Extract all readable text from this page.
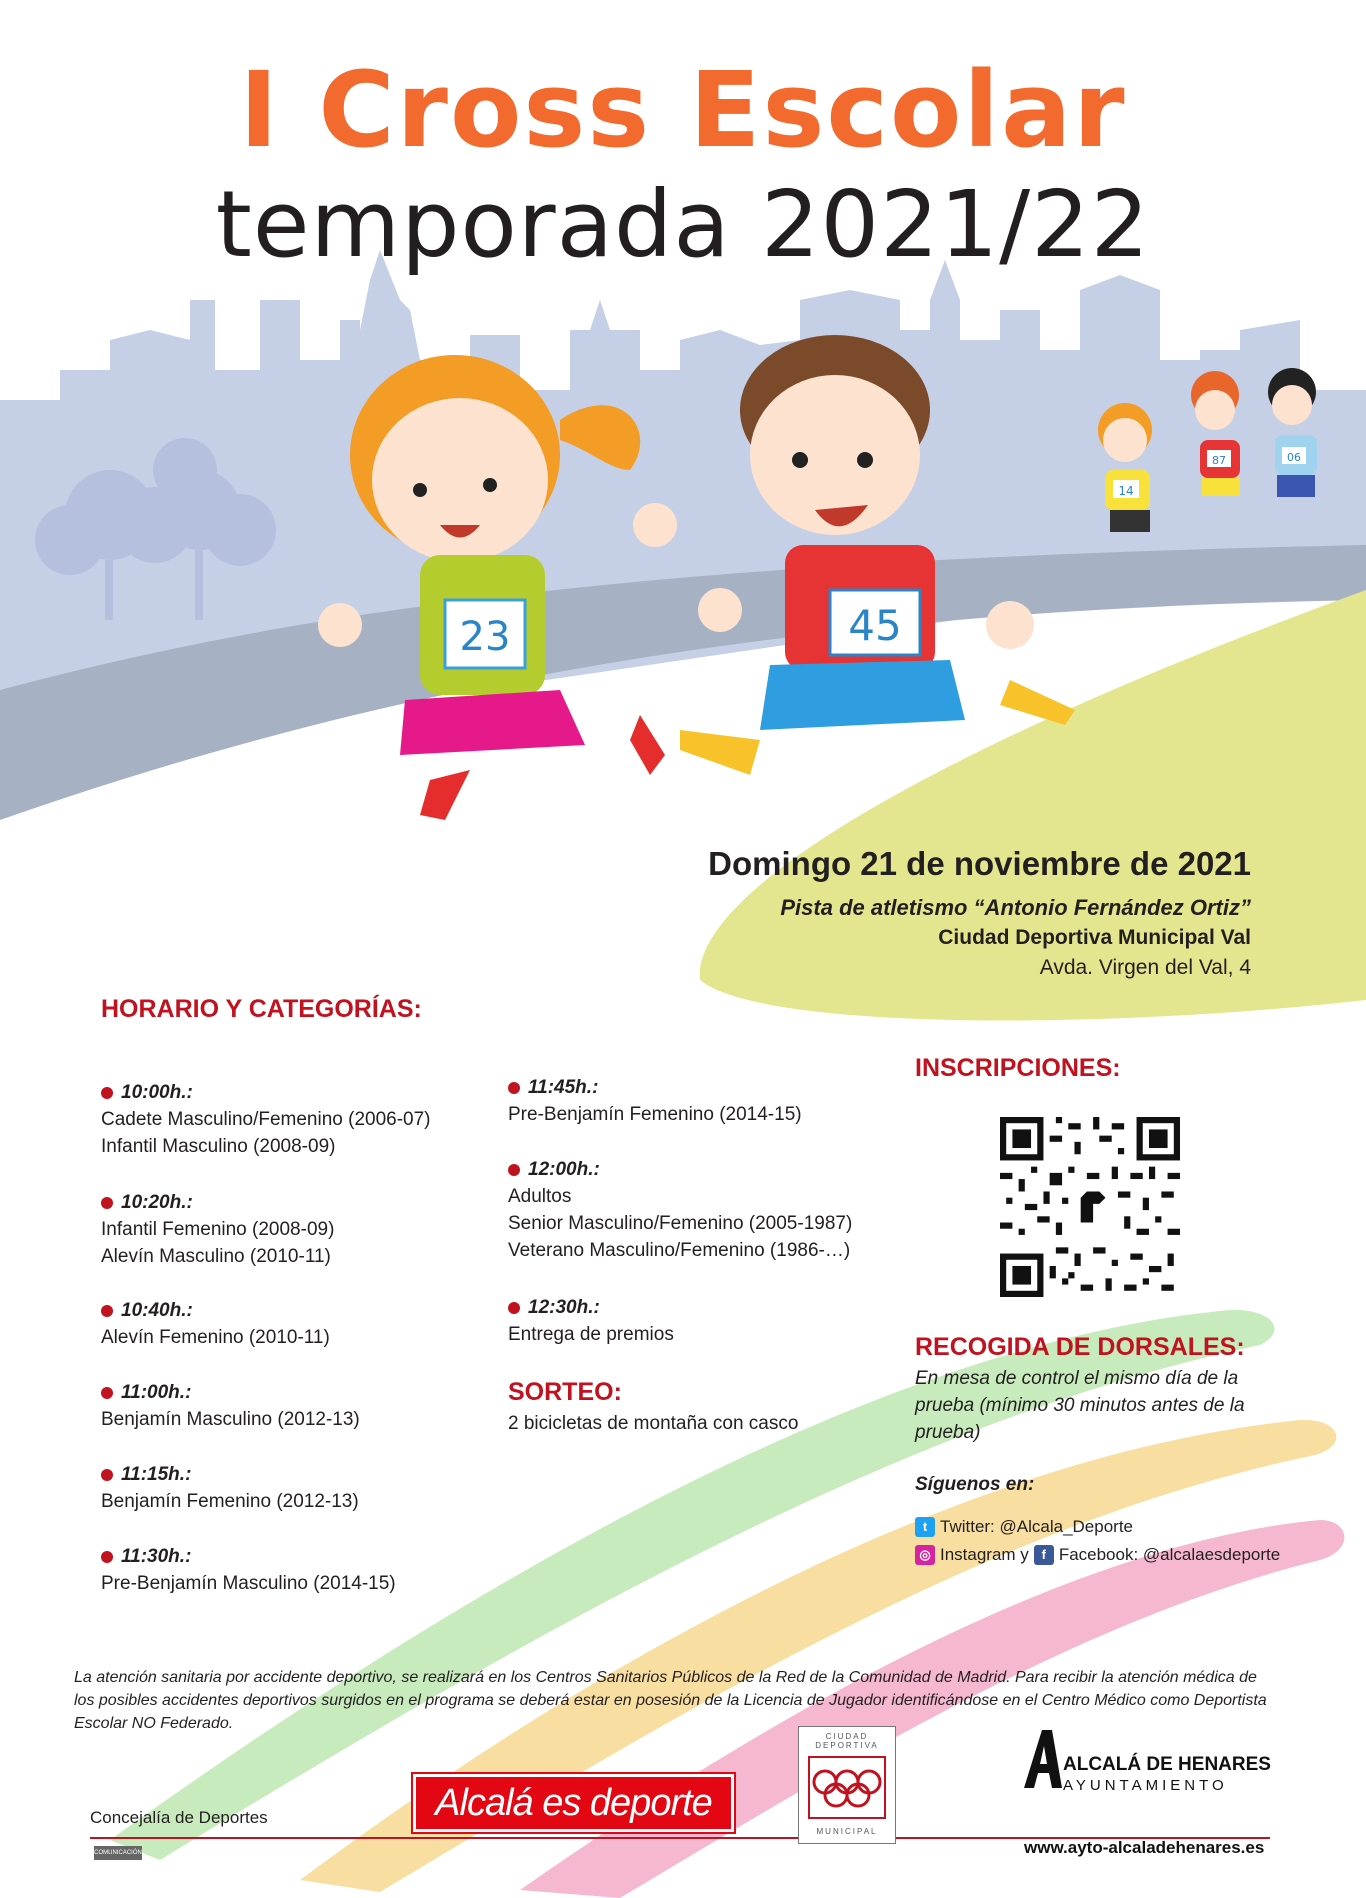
23	45
14
87	06
I Cross Escolar
temporada 2021/22
Domingo 21 de noviembre de 2021
Pista de atletismo “Antonio Fernández Ortiz”
Ciudad Deportiva Municipal Val
Avda. Virgen del Val, 4
HORARIO Y CATEGORÍAS:
10:00h.:
Cadete Masculino/Femenino (2006-07)
Infantil Masculino (2008-09)
10:20h.:
Infantil Femenino (2008-09)
Alevín Masculino (2010-11)
10:40h.:
Alevín Femenino (2010-11)
11:00h.:
Benjamín Masculino (2012-13)
11:15h.:
Benjamín Femenino (2012-13)
11:30h.:
Pre-Benjamín Masculino (2014-15)
11:45h.:
Pre-Benjamín Femenino (2014-15)
12:00h.:
Adultos
Senior Masculino/Femenino (2005-1987)
Veterano Masculino/Femenino (1986-…)
12:30h.:
Entrega de premios
SORTEO:
2 bicicletas de montaña con casco
INSCRIPCIONES:
RECOGIDA DE DORSALES:
En mesa de control el mismo día de la prueba (mínimo 30 minutos antes de la prueba)
Síguenos en:
t Twitter: @Alcala_Deporte
◎ Instagram y f Facebook: @alcalaesdeporte
La atención sanitaria por accidente deportivo, se realizará en los Centros Sanitarios Públicos de la Red de la Comunidad de Madrid. Para recibir la atención médica de los posibles accidentes deportivos surgidos en el programa se deberá estar en posesión de la Licencia de Jugador identificándose en el Centro Médico como Deportista Escolar NO Federado.
Concejalía de Deportes
COMUNICACIÓN
Alcalá es deporte
CIUDAD DEPORTIVA
MUNICIPAL
ALCALÁ DE HENARES
AYUNTAMIENTO
www.ayto-alcaladehenares.es
